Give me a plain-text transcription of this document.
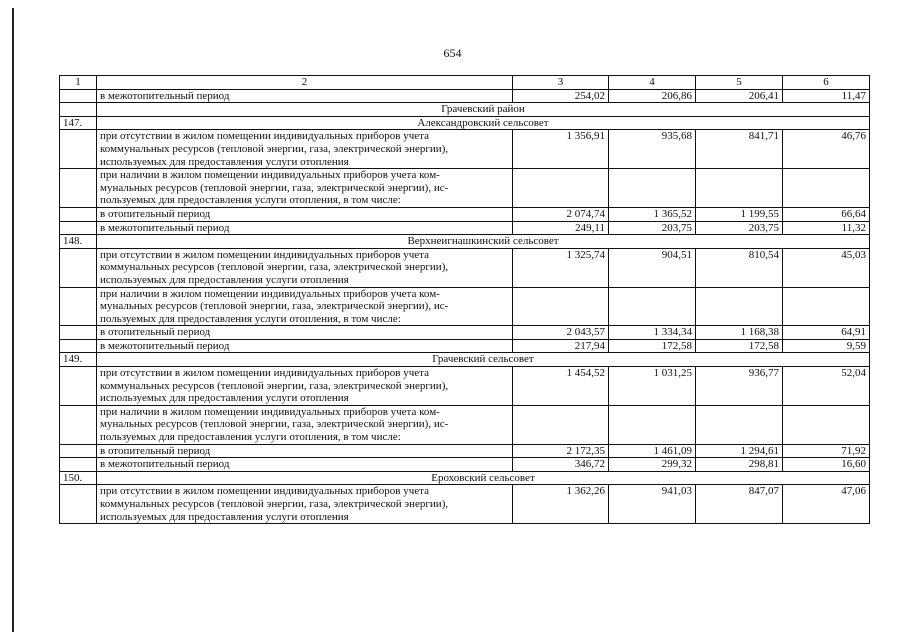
654
1	2	3	4	5	6
	в межотопительный период	254,02	206,86	206,41	11,47
	Грачевский район				
147.	Александровский сельсовет				

	при отсутствии в жилом помещении индивидуальных приборов учета
коммунальных ресурсов (тепловой энергии, газа, электрической энергии),
используемых для предоставления услуги отопления	1 356,91	935,68	841,71	46,76

	при наличии в жилом помещении индивидуальных приборов учета ком-
мунальных ресурсов (тепловой энергии, газа, электрической энергии), ис-
пользуемых для предоставления услуги отопления, в том числе:				

	в отопительный период	2 074,74	1 365,52	1 199,55	66,64
	в межотопительный период	249,11	203,75	203,75	11,32
148.	Верхнеигнашкинский сельсовет				

	при отсутствии в жилом помещении индивидуальных приборов учета
коммунальных ресурсов (тепловой энергии, газа, электрической энергии),
используемых для предоставления услуги отопления	1 325,74	904,51	810,54	45,03

	при наличии в жилом помещении индивидуальных приборов учета ком-
мунальных ресурсов (тепловой энергии, газа, электрической энергии), ис-
пользуемых для предоставления услуги отопления, в том числе:				

	в отопительный период	2 043,57	1 334,34	1 168,38	64,91
	в межотопительный период	217,94	172,58	172,58	9,59
149.	Грачевский сельсовет				

	при отсутствии в жилом помещении индивидуальных приборов учета
коммунальных ресурсов (тепловой энергии, газа, электрической энергии),
используемых для предоставления услуги отопления	1 454,52	1 031,25	936,77	52,04

	при наличии в жилом помещении индивидуальных приборов учета ком-
мунальных ресурсов (тепловой энергии, газа, электрической энергии), ис-
пользуемых для предоставления услуги отопления, в том числе:				

	в отопительный период	2 172,35	1 461,09	1 294,61	71,92
	в межотопительный период	346,72	299,32	298,81	16,60
150.	Ероховский сельсовет				

	при отсутствии в жилом помещении индивидуальных приборов учета
коммунальных ресурсов (тепловой энергии, газа, электрической энергии),
используемых для предоставления услуги отопления	1 362,26	941,03	847,07	47,06
